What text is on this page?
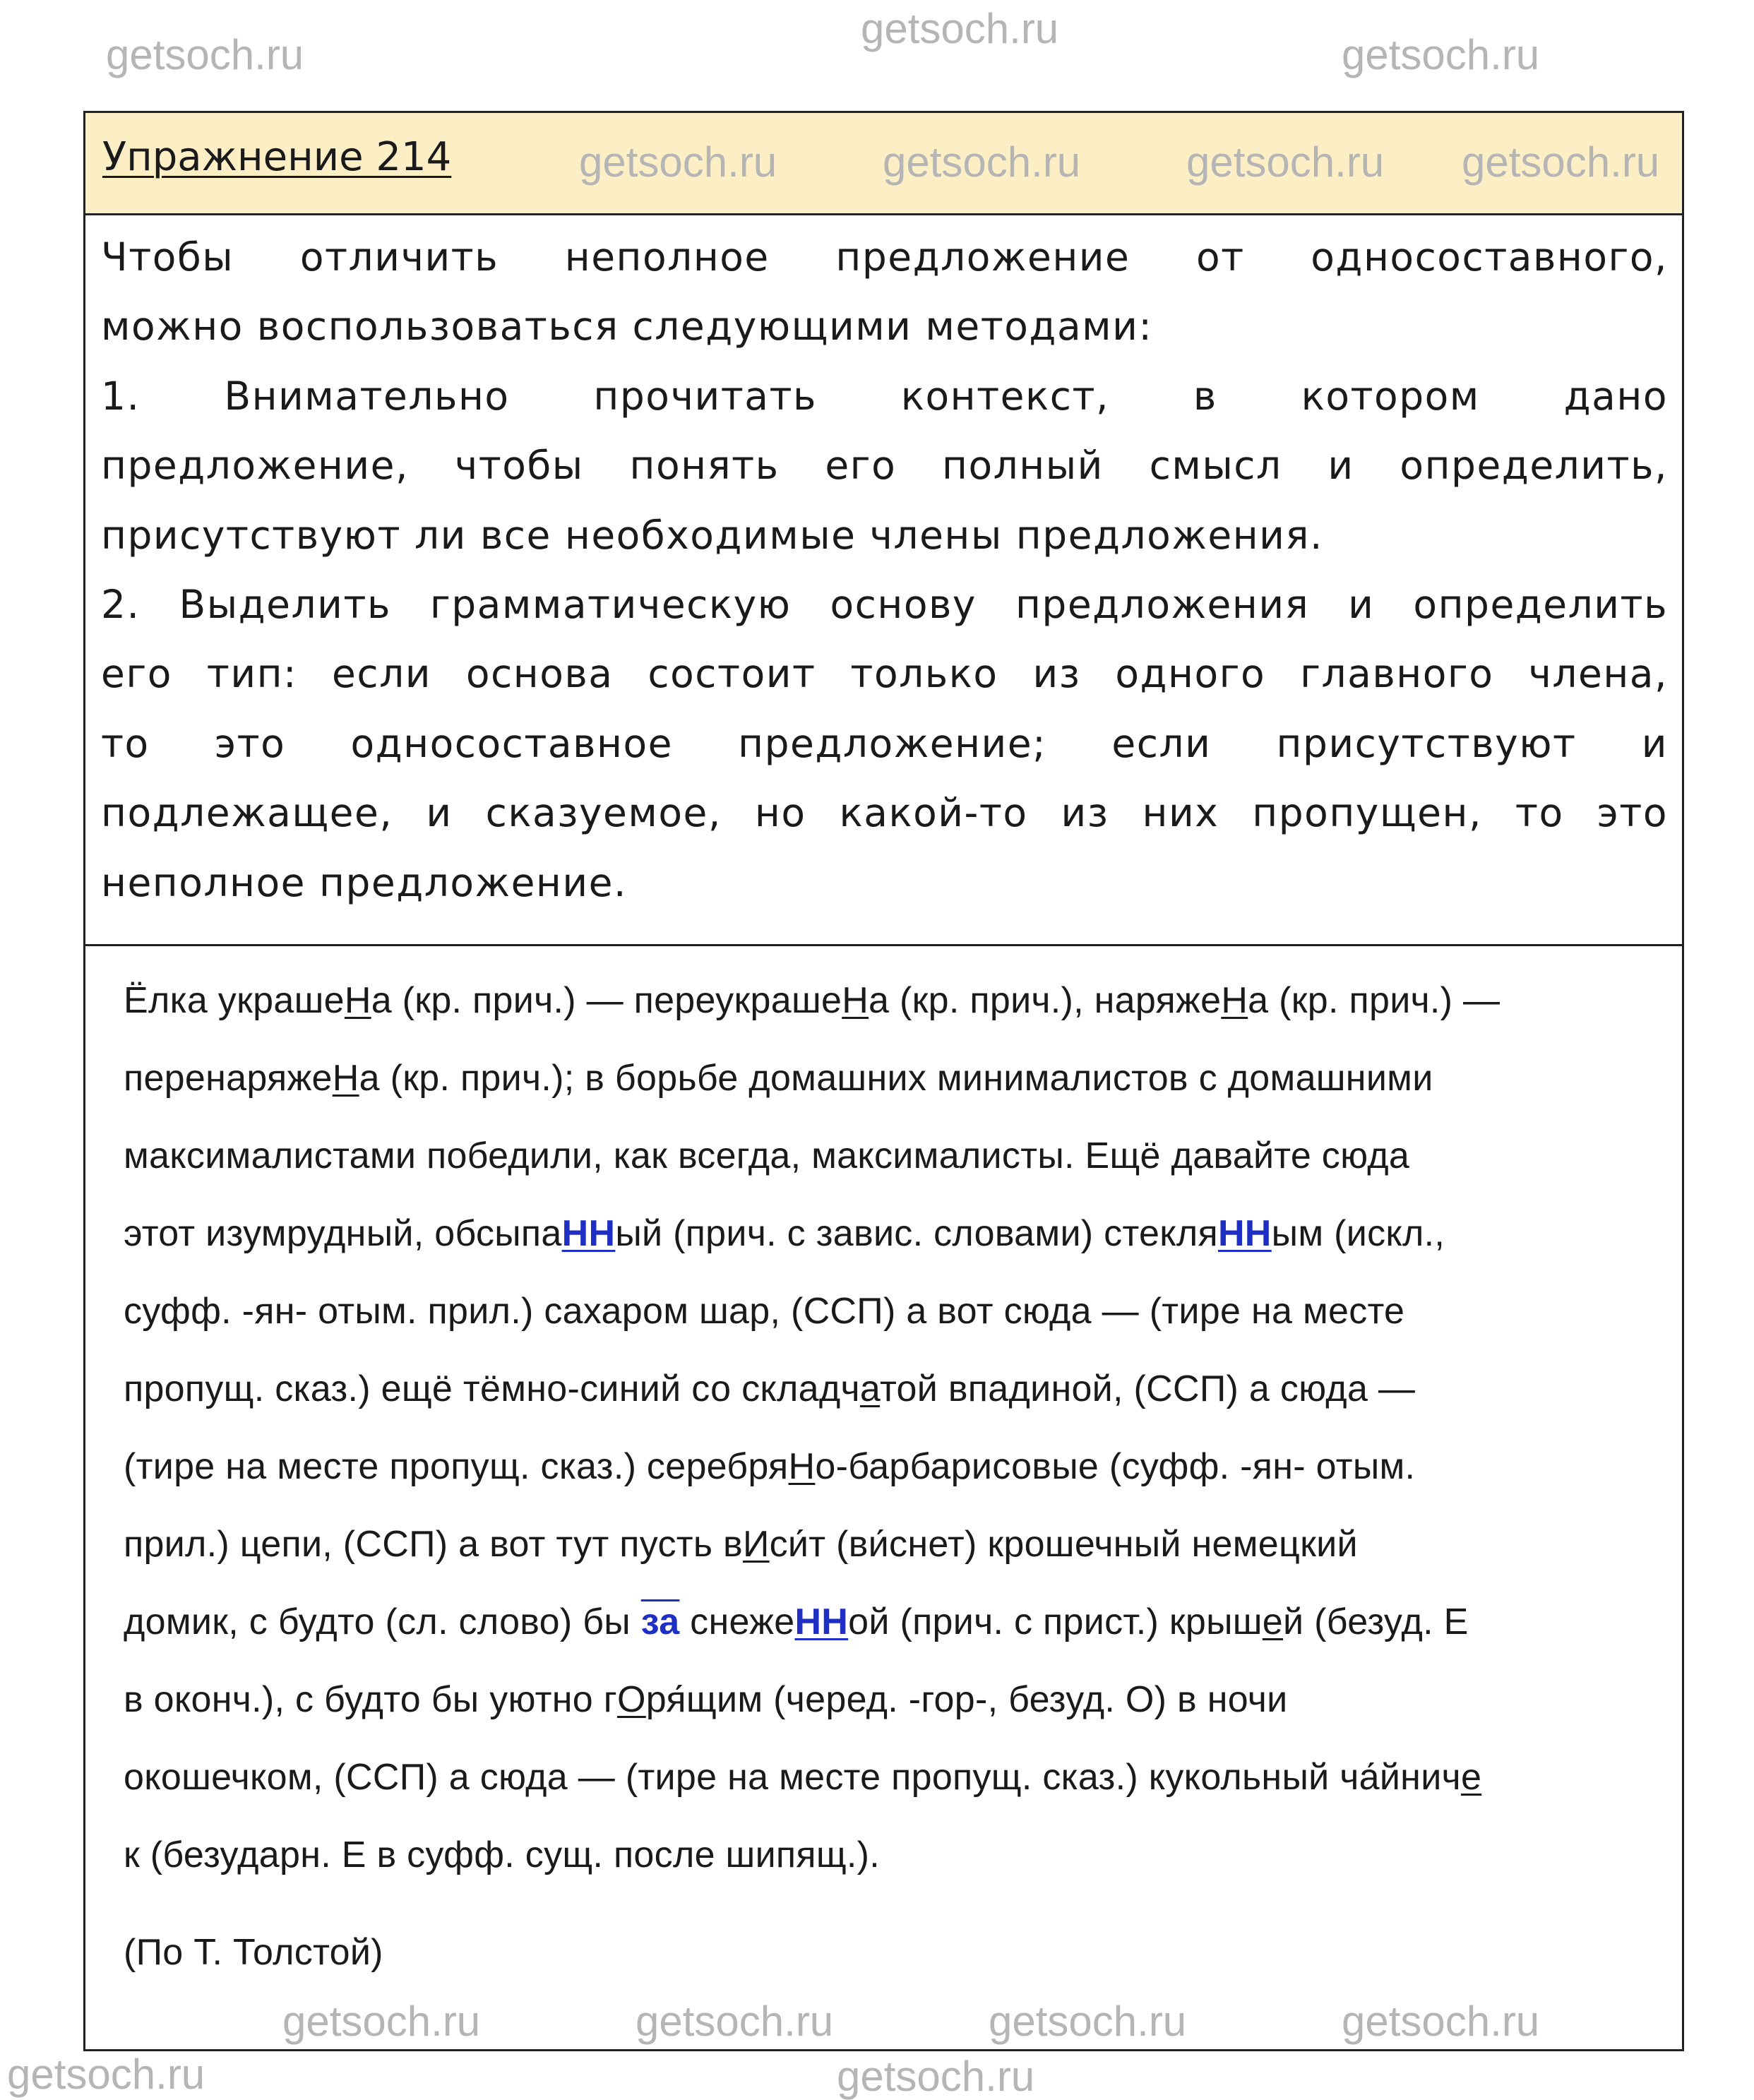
Упражнение 214
Чтобы отличить неполное предложение от односоставного,
можно воспользоваться следующими методами:
1. Внимательно прочитать контекст, в котором дано
предложение, чтобы понять его полный смысл и определить,
присутствуют ли все необходимые члены предложения.
2. Выделить грамматическую основу предложения и определить
его тип: если основа состоит только из одного главного члена,
то это односоставное предложение; если присутствуют и
подлежащее, и сказуемое, но какой-то из них пропущен, то это
неполное предложение.
Ёлка украшеНа (кр. прич.) — переукрашеНа (кр. прич.), наряжеНа (кр. прич.) —
перенаряжеНа (кр. прич.); в борьбе домашних минималистов с домашними
максималистами победили, как всегда, максималисты. Ещё давайте сюда
этот изумрудный, обсыпаННый (прич. с завис. словами) стекляННым (искл.,
суфф. -ян- отым. прил.) сахаром шар, (ССП) а вот сюда — (тире на месте
пропущ. сказ.) ещё тёмно-синий со складчатой впадиной, (ССП) а сюда —
(тире на месте пропущ. сказ.) серебряНо-барбарисовые (суфф. -ян- отым.
прил.) цепи, (ССП) а вот тут пусть вИси́т (ви́снет) крошечный немецкий
домик, с будто (сл. слово) бы за снежеННой (прич. с прист.) крышей (безуд. Е
в оконч.), с будто бы уютно гОря́щим (черед. -гор-, безуд. О) в ночи
окошечком, (ССП) а сюда — (тире на месте пропущ. сказ.) кукольный ча́йниче
к (безударн. Е в суфф. сущ. после шипящ.).
(По Т. Толстой)
getsoch.ru
getsoch.ru	getsoch.ru
getsoch.ru getsoch.ru getsoch.ru getsoch.ru
getsoch.ru	getsoch.ru	getsoch.ru	getsoch.ru
getsoch.ru	getsoch.ru
